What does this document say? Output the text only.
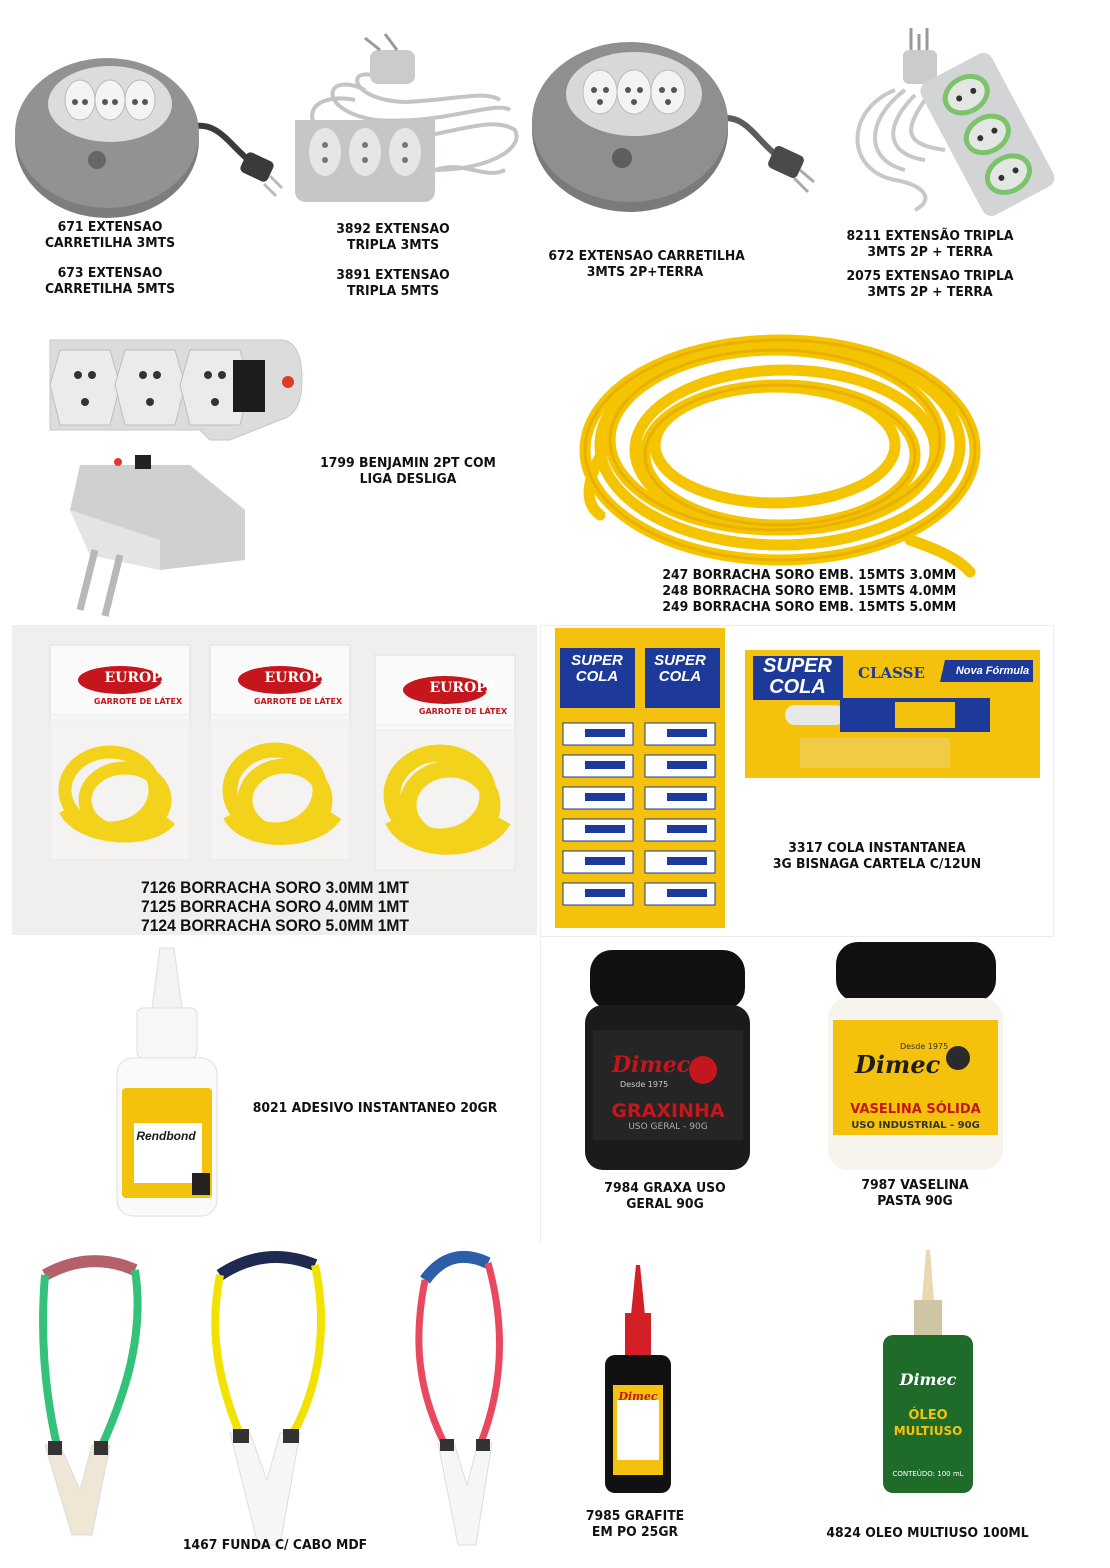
671 EXTENSAO
CARRETILHA 3MTS
673 EXTENSAO
CARRETILHA 5MTS
3892 EXTENSAO
TRIPLA 3MTS
3891 EXTENSAO
TRIPLA 5MTS
672 EXTENSAO CARRETILHA
3MTS 2P+TERRA
8211 EXTENSÃO TRIPLA
3MTS 2P + TERRA
2075 EXTENSAO TRIPLA
3MTS 2P + TERRA
1799 BENJAMIN 2PT COM
LIGA DESLIGA
247 BORRACHA SORO EMB. 15MTS 3.0MM
248 BORRACHA SORO EMB. 15MTS 4.0MM
249 BORRACHA SORO EMB. 15MTS 5.0MM
EUROPA	EUROPA
EUROPA
GARROTE DE LÁTEX	GARROTE DE LÁTEX
GARROTE DE LÁTEX
7126 BORRACHA SORO 3.0MM 1MT
7125 BORRACHA SORO 4.0MM 1MT
7124 BORRACHA SORO 5.0MM 1MT
SUPER
COLA
SUPER
COLA	SUPER
COLA
CLASSE	Nova Fórmula
3317 COLA INSTANTANEA
3G BISNAGA CARTELA C/12UN
Rendbond
8021 ADESIVO INSTANTANEO 20GR
Dimec
Desde 1975
GRAXINHA
USO GERAL - 90G
7984 GRAXA USO
GERAL 90G
Dimec
Desde 1975
VASELINA SÓLIDA
USO INDUSTRIAL - 90G
7987 VASELINA
PASTA 90G
1467 FUNDA C/ CABO MDF
Dimec
7985 GRAFITE
EM PO 25GR
Dimec
ÓLEO
MULTIUSO
CONTEÚDO: 100 mL
4824 OLEO MULTIUSO 100ML
